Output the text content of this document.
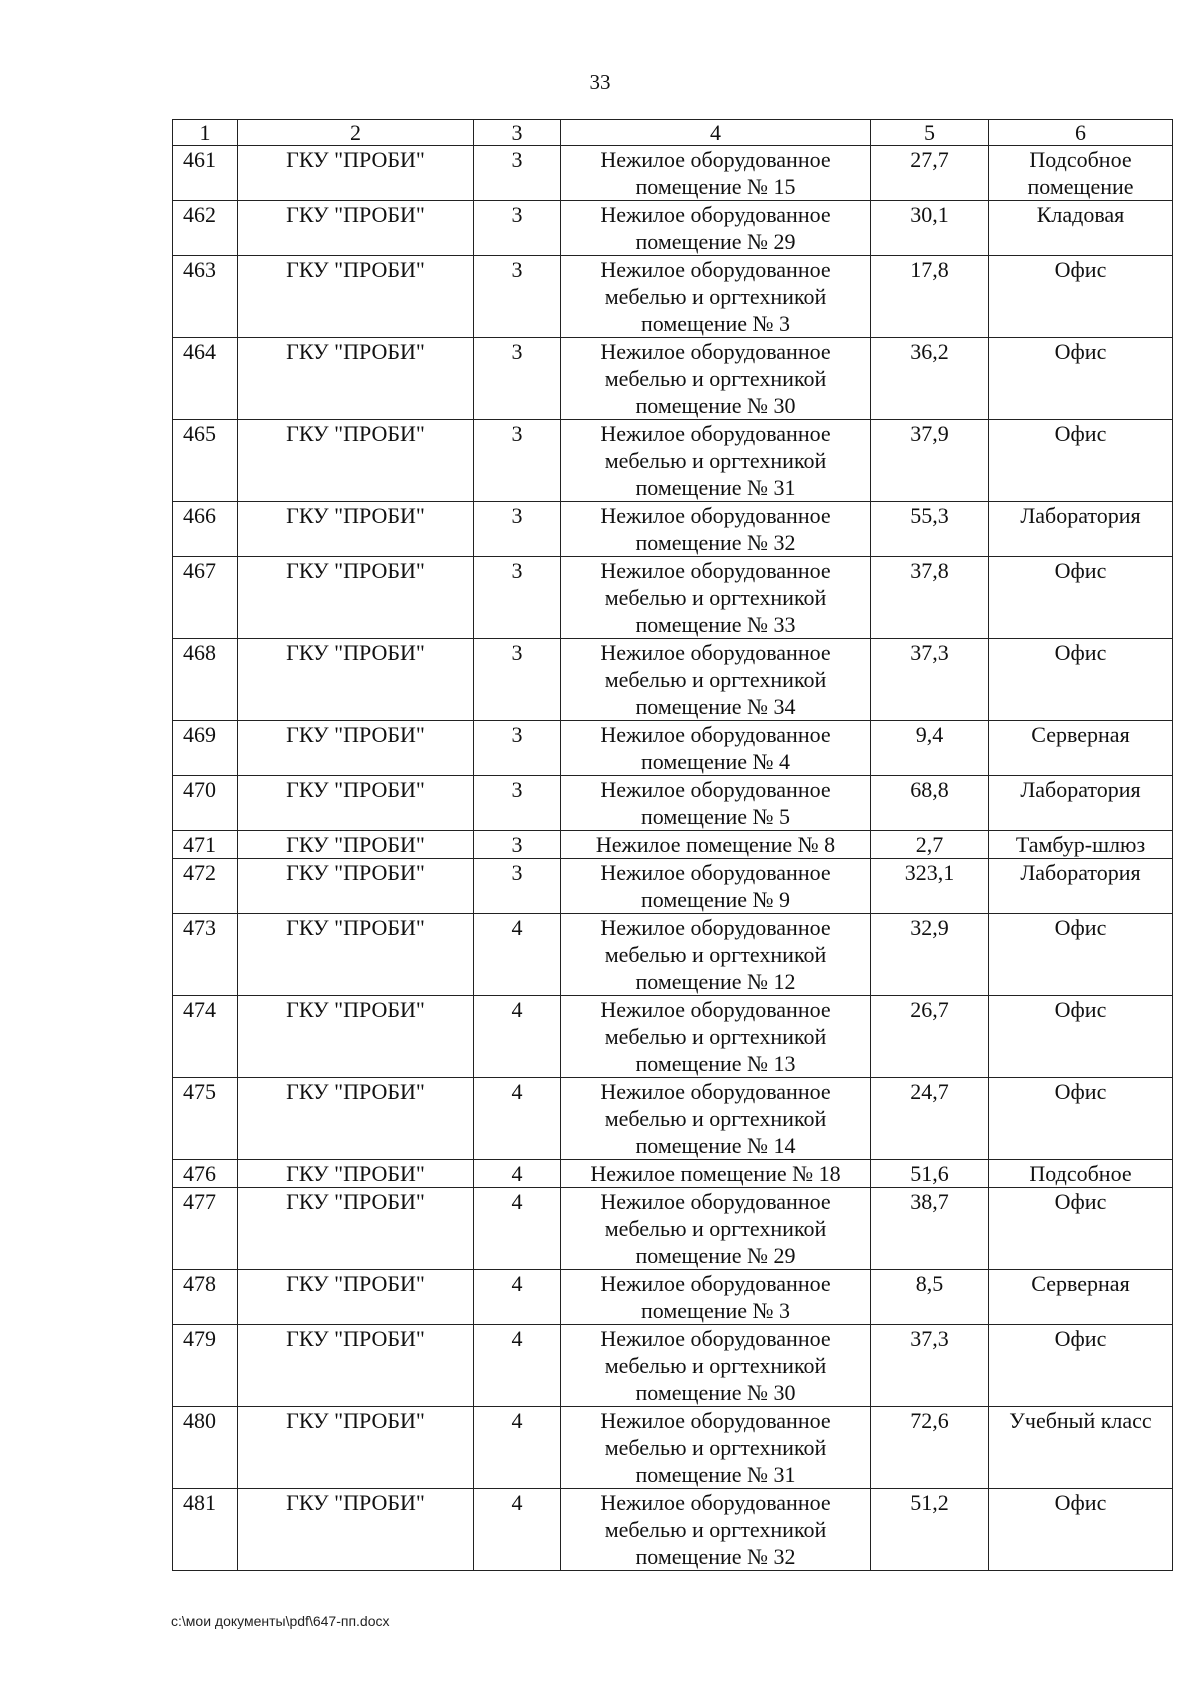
33
1	2	3	4	5	6
461	ГКУ "ПРОБИ"	3	Нежилое оборудованное помещение № 15	27,7	Подсобное помещение
462	ГКУ "ПРОБИ"	3	Нежилое оборудованное помещение № 29	30,1	Кладовая
463	ГКУ "ПРОБИ"	3	Нежилое оборудованное мебелью и оргтехникой помещение № 3	17,8	Офис
464	ГКУ "ПРОБИ"	3	Нежилое оборудованное мебелью и оргтехникой помещение № 30	36,2	Офис
465	ГКУ "ПРОБИ"	3	Нежилое оборудованное мебелью и оргтехникой помещение № 31	37,9	Офис
466	ГКУ "ПРОБИ"	3	Нежилое оборудованное помещение № 32	55,3	Лаборатория
467	ГКУ "ПРОБИ"	3	Нежилое оборудованное мебелью и оргтехникой помещение № 33	37,8	Офис
468	ГКУ "ПРОБИ"	3	Нежилое оборудованное мебелью и оргтехникой помещение № 34	37,3	Офис
469	ГКУ "ПРОБИ"	3	Нежилое оборудованное помещение № 4	9,4	Серверная
470	ГКУ "ПРОБИ"	3	Нежилое оборудованное помещение № 5	68,8	Лаборатория
471	ГКУ "ПРОБИ"	3	Нежилое помещение № 8	2,7	Тамбур-шлюз
472	ГКУ "ПРОБИ"	3	Нежилое оборудованное помещение № 9	323,1	Лаборатория
473	ГКУ "ПРОБИ"	4	Нежилое оборудованное мебелью и оргтехникой помещение № 12	32,9	Офис
474	ГКУ "ПРОБИ"	4	Нежилое оборудованное мебелью и оргтехникой помещение № 13	26,7	Офис
475	ГКУ "ПРОБИ"	4	Нежилое оборудованное мебелью и оргтехникой помещение № 14	24,7	Офис
476	ГКУ "ПРОБИ"	4	Нежилое помещение № 18	51,6	Подсобное
477	ГКУ "ПРОБИ"	4	Нежилое оборудованное мебелью и оргтехникой помещение № 29	38,7	Офис
478	ГКУ "ПРОБИ"	4	Нежилое оборудованное помещение № 3	8,5	Серверная
479	ГКУ "ПРОБИ"	4	Нежилое оборудованное мебелью и оргтехникой помещение № 30	37,3	Офис
480	ГКУ "ПРОБИ"	4	Нежилое оборудованное мебелью и оргтехникой помещение № 31	72,6	Учебный класс
481	ГКУ "ПРОБИ"	4	Нежилое оборудованное мебелью и оргтехникой помещение № 32	51,2	Офис
c:\мои документы\pdf\647-пп.docx
